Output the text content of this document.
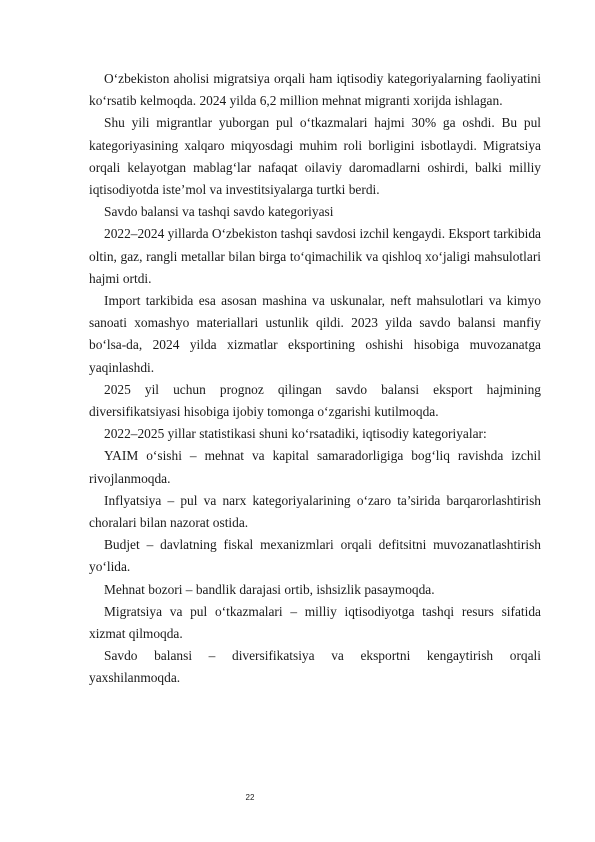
O‘zbekiston aholisi migratsiya orqali ham iqtisodiy kategoriyalarning faoliyatini ko‘rsatib kelmoqda. 2024 yilda 6,2 million mehnat migranti xorijda ishlagan.

Shu yili migrantlar yuborgan pul o‘tkazmalari hajmi 30% ga oshdi. Bu pul kategoriyasining xalqaro miqyosdagi muhim roli borligini isbotlaydi. Migratsiya orqali kelayotgan mablag‘lar nafaqat oilaviy daromadlarni oshirdi, balki milliy iqtisodiyotda iste’mol va investitsiyalarga turtki berdi.

Savdo balansi va tashqi savdo kategoriyasi

2022–2024 yillarda O‘zbekiston tashqi savdosi izchil kengaydi. Eksport tarkibida oltin, gaz, rangli metallar bilan birga to‘qimachilik va qishloq xo‘jaligi mahsulotlari hajmi ortdi.

Import tarkibida esa asosan mashina va uskunalar, neft mahsulotlari va kimyo sanoati xomashyo materiallari ustunlik qildi. 2023 yilda savdo balansi manfiy bo‘lsa-da, 2024 yilda xizmatlar eksportining oshishi hisobiga muvozanatga yaqinlashdi.

2025 yil uchun prognoz qilingan savdo balansi eksport hajmining diversifikatsiyasi hisobiga ijobiy tomonga o‘zgarishi kutilmoqda.

2022–2025 yillar statistikasi shuni ko‘rsatadiki, iqtisodiy kategoriyalar:

YAIM o‘sishi – mehnat va kapital samaradorligiga bog‘liq ravishda izchil rivojlanmoqda.

Inflyatsiya – pul va narx kategoriyalarining o‘zaro ta’sirida barqarorlashtirish choralari bilan nazorat ostida.

Budjet – davlatning fiskal mexanizmlari orqali defitsitni muvozanatlashtirish yo‘lida.

Mehnat bozori – bandlik darajasi ortib, ishsizlik pasaymoqda.

Migratsiya va pul o‘tkazmalari – milliy iqtisodiyotga tashqi resurs sifatida xizmat qilmoqda.

Savdo balansi – diversifikatsiya va eksportni kengaytirish orqali yaxshilanmoqda.

22
